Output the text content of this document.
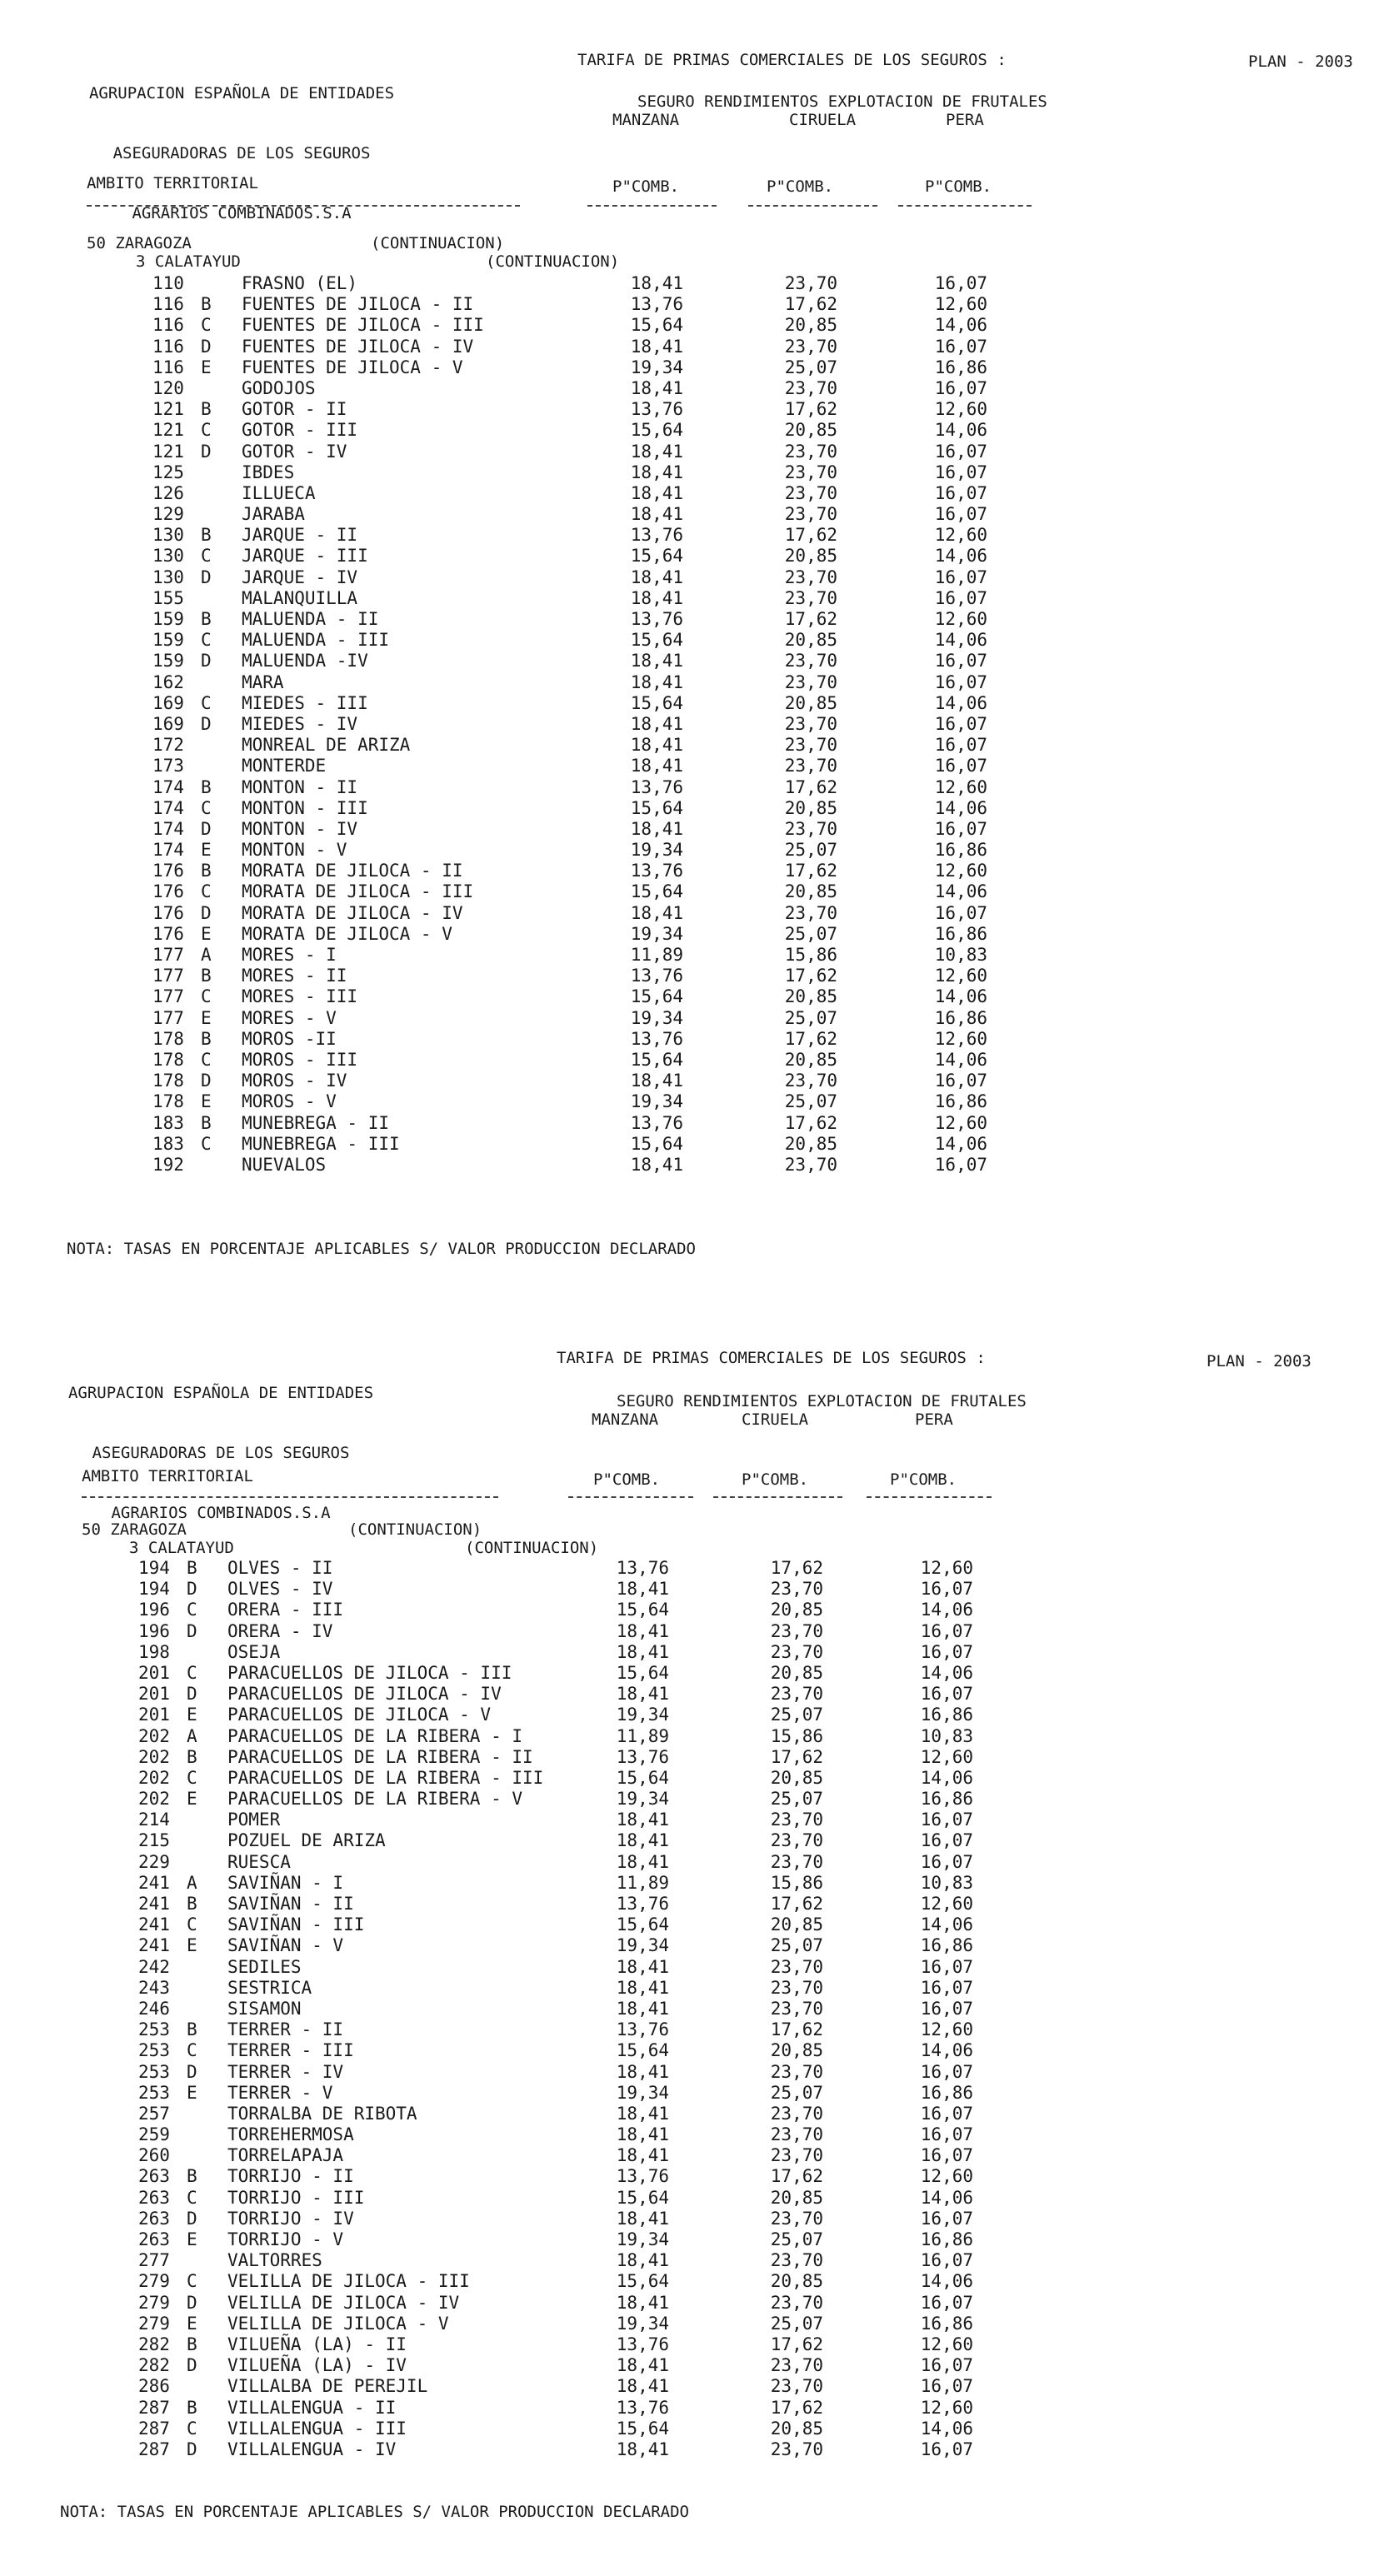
AGRUPACION ESPAÑOLA DE ENTIDADES

ASEGURADORAS DE LOS SEGUROS

AGRARIOS COMBINADOS.S.A

TARIFA DE PRIMAS COMERCIALES DE LOS SEGUROS :	PLAN - 2003
SEGURO RENDIMIENTOS EXPLOTACION DE FRUTALES
MANZANA	CIRUELA	PERA
AMBITO TERRITORIAL	P"COMB.	P"COMB.	P"COMB.
50 ZARAGOZA	(CONTINUACION)
3 CALATAYUD	(CONTINUACION)
110	FRASNO (EL)	18,41	23,70	16,07
116 B FUENTES DE JILOCA - II	13,76	17,62	12,60
116 C FUENTES DE JILOCA - III	15,64	20,85	14,06
116 D FUENTES DE JILOCA - IV	18,41	23,70	16,07
116 E FUENTES DE JILOCA - V	19,34	25,07	16,86
120	GODOJOS	18,41	23,70	16,07
121 B GOTOR - II	13,76	17,62	12,60
121 C GOTOR - III	15,64	20,85	14,06
121 D GOTOR - IV	18,41	23,70	16,07
125	IBDES	18,41	23,70	16,07
126	ILLUECA	18,41	23,70	16,07
129	JARABA	18,41	23,70	16,07
130 B JARQUE - II	13,76	17,62	12,60
130 C JARQUE - III	15,64	20,85	14,06
130 D JARQUE - IV	18,41	23,70	16,07
155	MALANQUILLA	18,41	23,70	16,07
159 B MALUENDA - II	13,76	17,62	12,60
159 C MALUENDA - III	15,64	20,85	14,06
159 D MALUENDA -IV	18,41	23,70	16,07
162	MARA	18,41	23,70	16,07
169 C MIEDES - III	15,64	20,85	14,06
169 D MIEDES - IV	18,41	23,70	16,07
172	MONREAL DE ARIZA	18,41	23,70	16,07
173	MONTERDE	18,41	23,70	16,07
174 B MONTON - II	13,76	17,62	12,60
174 C MONTON - III	15,64	20,85	14,06
174 D MONTON - IV	18,41	23,70	16,07
174 E MONTON - V	19,34	25,07	16,86
176 B MORATA DE JILOCA - II	13,76	17,62	12,60
176 C MORATA DE JILOCA - III	15,64	20,85	14,06
176 D MORATA DE JILOCA - IV	18,41	23,70	16,07
176 E MORATA DE JILOCA - V	19,34	25,07	16,86
177 A MORES - I	11,89	15,86	10,83
177 B MORES - II	13,76	17,62	12,60
177 C MORES - III	15,64	20,85	14,06
177 E MORES - V	19,34	25,07	16,86
178 B MOROS -II	13,76	17,62	12,60
178 C MOROS - III	15,64	20,85	14,06
178 D MOROS - IV	18,41	23,70	16,07
178 E MOROS - V	19,34	25,07	16,86
183 B MUNEBREGA - II	13,76	17,62	12,60
183 C MUNEBREGA - III	15,64	20,85	14,06
192	NUEVALOS	18,41	23,70	16,07
NOTA: TASAS EN PORCENTAJE APLICABLES S/ VALOR PRODUCCION DECLARADO

AGRUPACION ESPAÑOLA DE ENTIDADES

ASEGURADORAS DE LOS SEGUROS

AGRARIOS COMBINADOS.S.A

TARIFA DE PRIMAS COMERCIALES DE LOS SEGUROS :	PLAN - 2003
SEGURO RENDIMIENTOS EXPLOTACION DE FRUTALES
MANZANA	CIRUELA	PERA
AMBITO TERRITORIAL	P"COMB.	P"COMB.	P"COMB.
50 ZARAGOZA	(CONTINUACION)
3 CALATAYUD	(CONTINUACION)
194 B OLVES - II	13,76	17,62	12,60
194 D OLVES - IV	18,41	23,70	16,07
196 C ORERA - III	15,64	20,85	14,06
196 D ORERA - IV	18,41	23,70	16,07
198	OSEJA	18,41	23,70	16,07
201 C PARACUELLOS DE JILOCA - III	15,64	20,85	14,06
201 D PARACUELLOS DE JILOCA - IV	18,41	23,70	16,07
201 E PARACUELLOS DE JILOCA - V	19,34	25,07	16,86
202 A PARACUELLOS DE LA RIBERA - I	11,89	15,86	10,83
202 B PARACUELLOS DE LA RIBERA - II	13,76	17,62	12,60
202 C PARACUELLOS DE LA RIBERA - III	15,64	20,85	14,06
202 E PARACUELLOS DE LA RIBERA - V	19,34	25,07	16,86
214	POMER	18,41	23,70	16,07
215	POZUEL DE ARIZA	18,41	23,70	16,07
229	RUESCA	18,41	23,70	16,07
241 A SAVIÑAN - I	11,89	15,86	10,83
241 B SAVIÑAN - II	13,76	17,62	12,60
241 C SAVIÑAN - III	15,64	20,85	14,06
241 E SAVIÑAN - V	19,34	25,07	16,86
242	SEDILES	18,41	23,70	16,07
243	SESTRICA	18,41	23,70	16,07
246	SISAMON	18,41	23,70	16,07
253 B TERRER - II	13,76	17,62	12,60
253 C TERRER - III	15,64	20,85	14,06
253 D TERRER - IV	18,41	23,70	16,07
253 E TERRER - V	19,34	25,07	16,86
257	TORRALBA DE RIBOTA	18,41	23,70	16,07
259	TORREHERMOSA	18,41	23,70	16,07
260	TORRELAPAJA	18,41	23,70	16,07
263 B TORRIJO - II	13,76	17,62	12,60
263 C TORRIJO - III	15,64	20,85	14,06
263 D TORRIJO - IV	18,41	23,70	16,07
263 E TORRIJO - V	19,34	25,07	16,86
277	VALTORRES	18,41	23,70	16,07
279 C VELILLA DE JILOCA - III	15,64	20,85	14,06
279 D VELILLA DE JILOCA - IV	18,41	23,70	16,07
279 E VELILLA DE JILOCA - V	19,34	25,07	16,86
282 B VILUEÑA (LA) - II	13,76	17,62	12,60
282 D VILUEÑA (LA) - IV	18,41	23,70	16,07
286	VILLALBA DE PEREJIL	18,41	23,70	16,07
287 B VILLALENGUA - II	13,76	17,62	12,60
287 C VILLALENGUA - III	15,64	20,85	14,06
287 D VILLALENGUA - IV	18,41	23,70	16,07
NOTA: TASAS EN PORCENTAJE APLICABLES S/ VALOR PRODUCCION DECLARADO
